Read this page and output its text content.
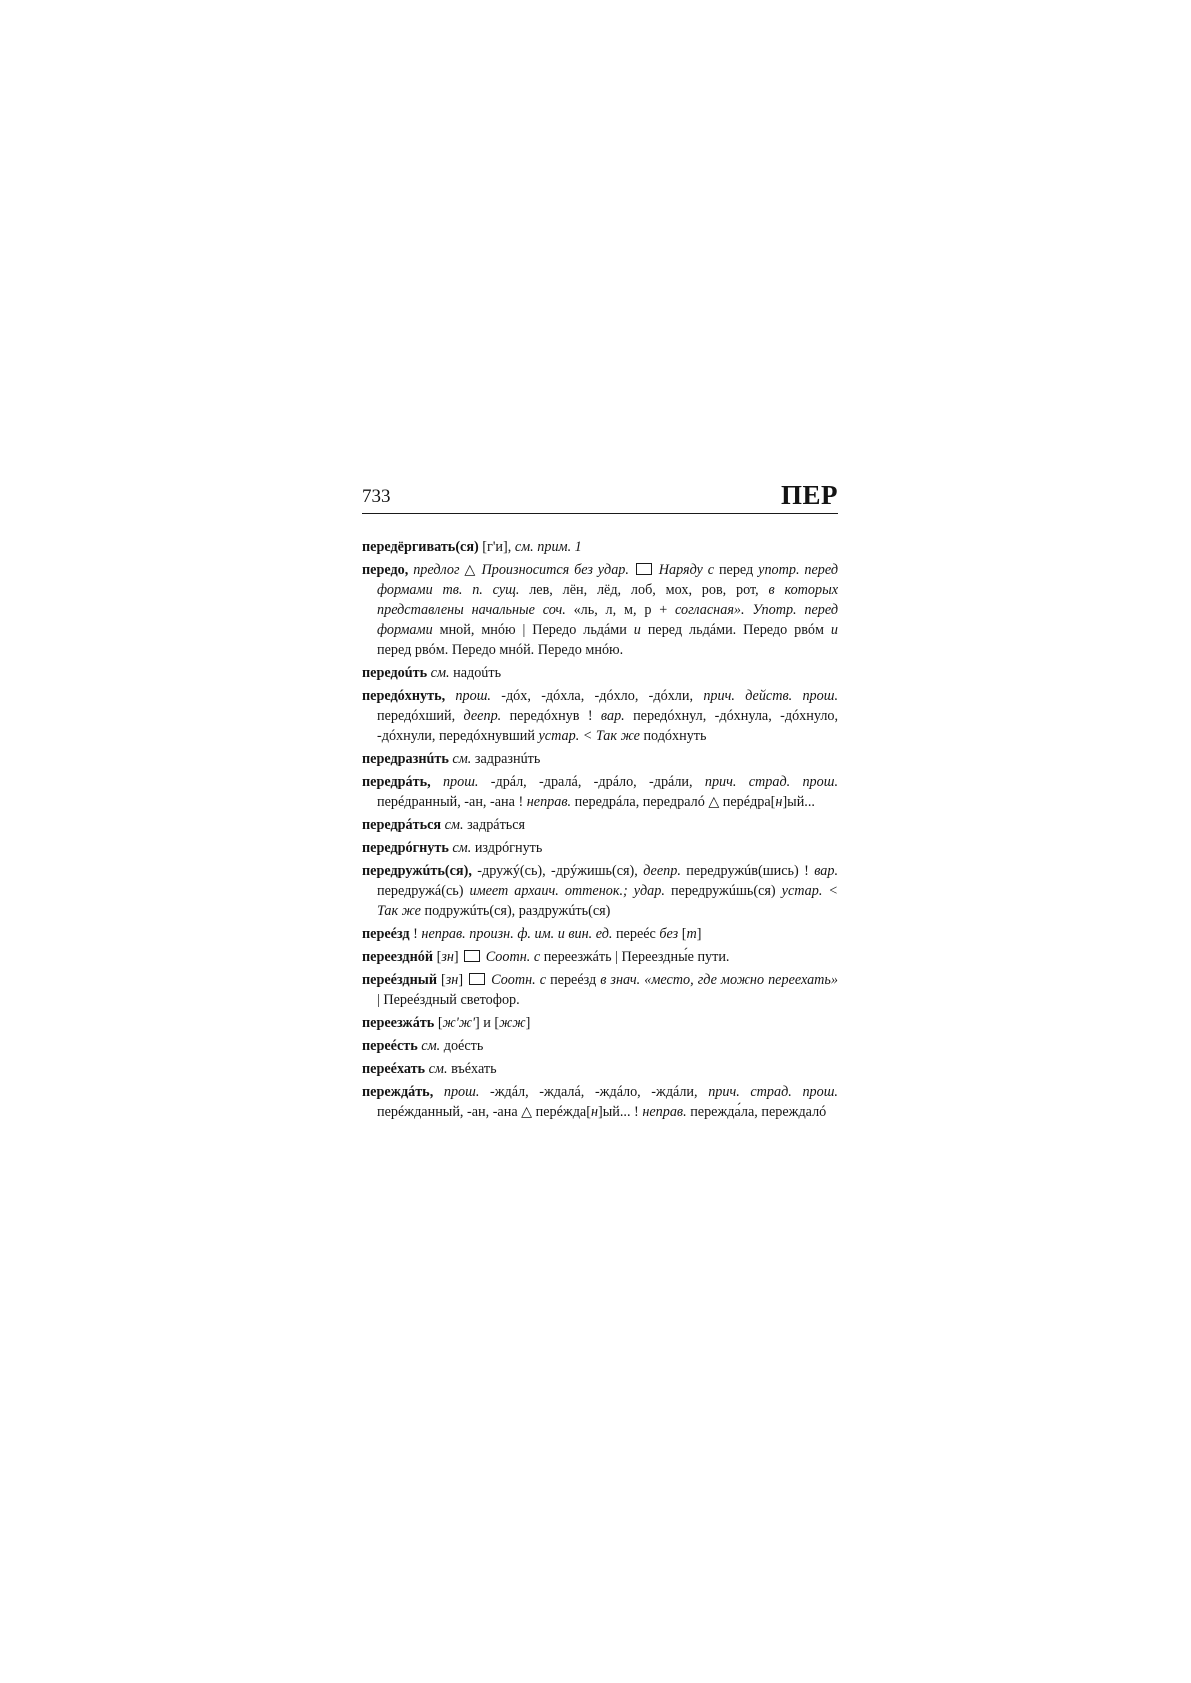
733	ПЕР

передёргивать(ся) [г'и], см. прим. 1

передо, предлог △ Произносится без удар.  Наряду с перед употр. перед формами тв. п. сущ. лев, лён, лёд, лоб, мох, ров, рот, в которых представлены начальные соч. «ль, л, м, р + согласная». Употр. перед формами мной, мнóю | Передо льдáми и перед льдáми. Передо рвóм и перед рвóм. Передо мнóй. Передо мнóю.

передоúть см. надоúть

передóхнуть, прош. -дóх, -дóхла, -дóхло, -дóхли, прич. действ. прош. передóхший, деепр. передóхнув ! вар. передóхнул, -дóхнула, -дóхнуло, -дóхнули, передóхнувший устар. < Так же подóхнуть

передразнúть см. задразнúть

передрáть, прош. -дрáл, -дралá, -дрáло, -дрáли, прич. страд. прош. перéдранный, -ан, -ана ! неправ. передрáла, передралó △ перéдра[н]ый...

передрáться см. задрáться

передрóгнуть см. издрóгнуть

передружúть(ся), -дружý(сь), -дрýжишь(ся), деепр. передружúв(шись) ! вар. передружá(сь) имеет архаич. оттенок.; удар. передружúшь(ся) устар. < Так же подружúть(ся), раздружúть(ся)

переéзд ! неправ. произн. ф. им. и вин. ед. переéс без [т]

переезднóй [зн]  Соотн. с переезжáть | Переездны́е пути.

переéздный [зн]  Соотн. с переéзд в знач. «место, где можно переехать» | Переéздный светофор.

переезжáть [ж'ж'] и [жж]

переéсть см. доéсть

переéхать см. въéхать

переждáть, прош. -ждáл, -ждалá, -ждáло, -ждáли, прич. страд. прош. перéжданный, -ан, -ана △ перéжда[н]ый... ! неправ. пережда́ла, переждалó
